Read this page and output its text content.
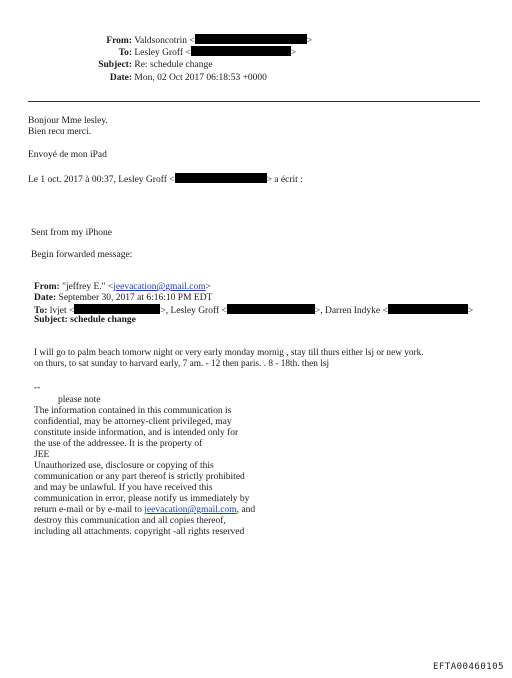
From: Valdsoncotrin <	>
To: Lesley Groff <	>
Subject: Re: schedule change
Date: Mon, 02 Oct 2017 06:18:53 +0000
Bonjour Mme lesley.
Bien recu merci.
Envoyé de mon iPad
Le 1 oct. 2017 à 00:37, Lesley Groff <	> a écrit :
Sent from my iPhone
Begin forwarded message:
From: "jeffrey E." <jeevacation@gmail.com>
Date: September 30, 2017 at 6:16:10 PM EDT
To: lvjet <	>, Lesley Groff <	>, Darren Indyke <	>
Subject: schedule change
I will go to palm beach tomorw night or very early monday mornig , stay till thurs either lsj or new york.
on thurs, to sat sunday to harvard early, 7 am. - 12 then paris. . 8 - 18th. then lsj
--
please note
The information contained in this communication is
confidential, may be attorney-client privileged, may
constitute inside information, and is intended only for
the use of the addressee. It is the property of
JEE
Unauthorized use, disclosure or copying of this
communication or any part thereof is strictly prohibited
and may be unlawful. If you have received this
communication in error, please notify us immediately by
return e-mail or by e-mail to jeevacation@gmail.com, and
destroy this communication and all copies thereof,
including all attachments. copyright -all rights reserved
EFTA00460105
